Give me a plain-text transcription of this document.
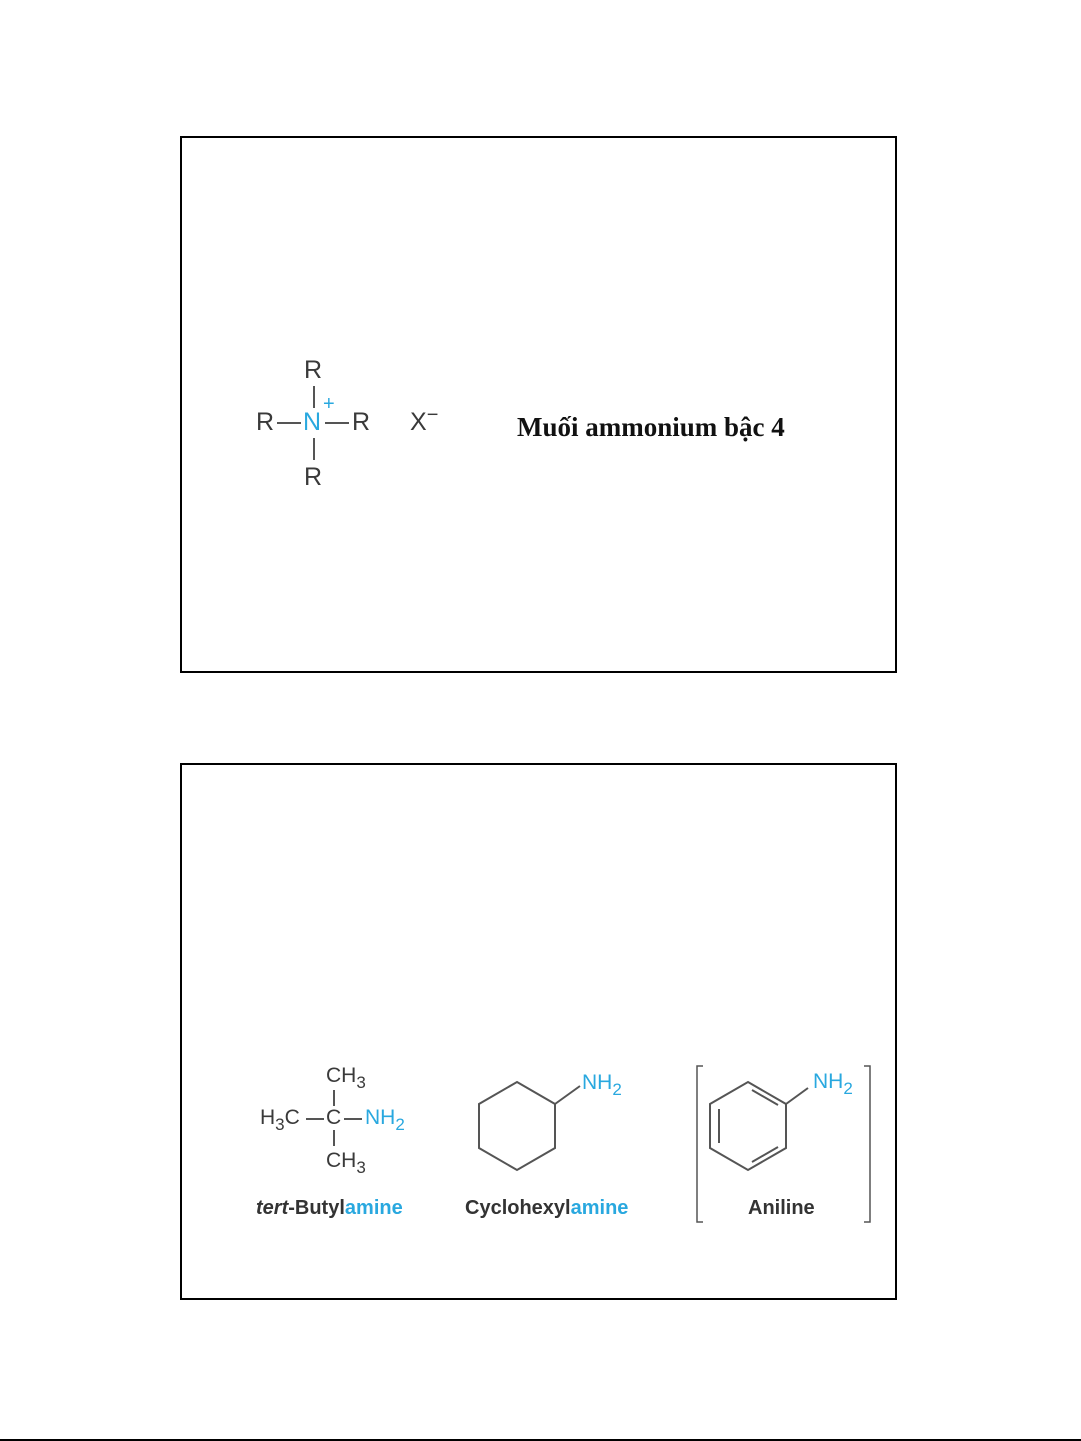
R
+
R N R
R
X−	Muối ammonium bậc 4
$CH_3$
$H_3C$ C $NH_2$
$CH_3$
tert-Butylamine
$NH_2$
Cyclohexylamine
$NH_2$
Aniline
